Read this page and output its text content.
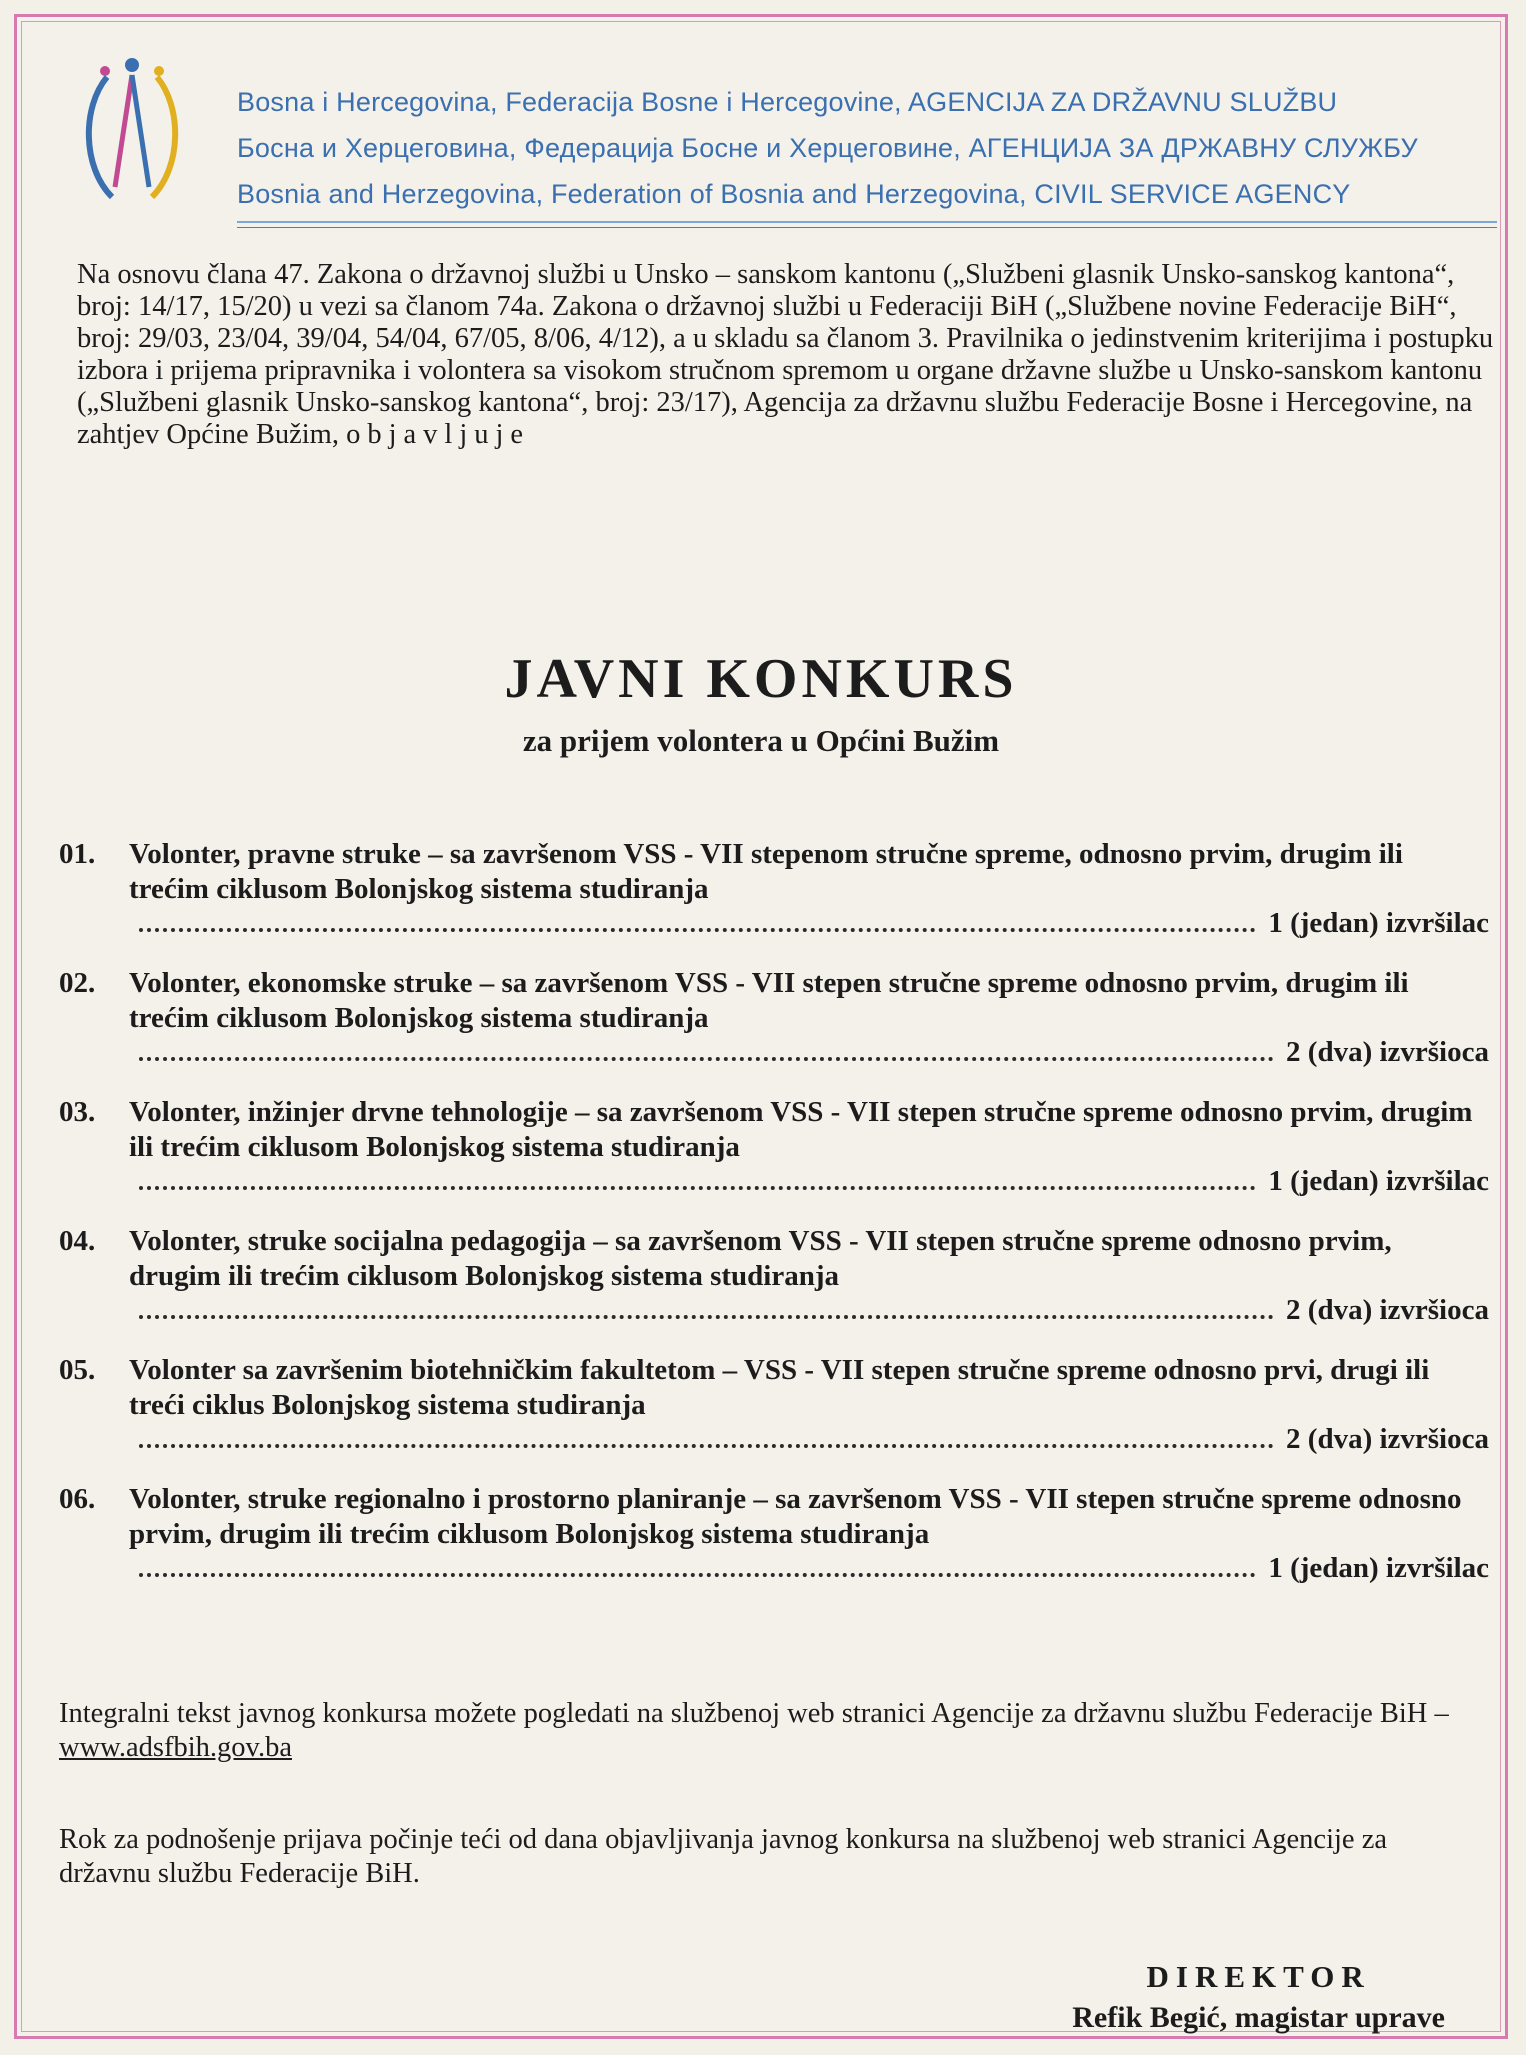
Bosna i Hercegovina, Federacija Bosne i Hercegovine, AGENCIJA ZA DRŽAVNU SLUŽBU
Босна и Херцеговина, Федерација Босне и Херцеговине, АГЕНЦИЈА ЗА ДРЖАВНУ СЛУЖБУ
Bosnia and Herzegovina, Federation of Bosnia and Herzegovina, CIVIL SERVICE AGENCY

Na osnovu člana 47. Zakona o državnoj službi u Unsko – sanskom kantonu („Službeni glasnik Unsko-sanskog kantona“, broj: 14/17, 15/20) u vezi sa članom 74a. Zakona o državnoj službi u Federaciji BiH („Službene novine Federacije BiH“, broj: 29/03, 23/04, 39/04, 54/04, 67/05, 8/06, 4/12), a u skladu sa članom 3. Pravilnika o jedinstvenim kriterijima i postupku izbora i prijema pripravnika i volontera sa visokom stručnom spremom u organe državne službe u Unsko-sanskom kantonu („Službeni glasnik Unsko-sanskog kantona“, broj: 23/17), Agencija za državnu službu Federacije Bosne i Hercegovine, na zahtjev Općine Bužim, objavljuje

JAVNI KONKURS
za prijem volontera u Općini Bužim
01.	Volonter, pravne struke – sa završenom VSS - VII stepenom stručne spreme, odnosno prvim, drugim ili trećim ciklusom Bolonjskog sistema studiranja
1 (jedan) izvršilac
02.	Volonter, ekonomske struke – sa završenom VSS - VII stepen stručne spreme odnosno prvim, drugim ili trećim ciklusom Bolonjskog sistema studiranja
2 (dva) izvršioca
03.	Volonter, inžinjer drvne tehnologije – sa završenom VSS - VII stepen stručne spreme odnosno prvim, drugim ili trećim ciklusom Bolonjskog sistema studiranja
1 (jedan) izvršilac
04.	Volonter, struke socijalna pedagogija – sa završenom VSS - VII stepen stručne spreme odnosno prvim, drugim ili trećim ciklusom Bolonjskog sistema studiranja
2 (dva) izvršioca
05.	Volonter sa završenim biotehničkim fakultetom – VSS - VII stepen stručne spreme odnosno prvi, drugi ili treći ciklus Bolonjskog sistema studiranja
2 (dva) izvršioca
06.	Volonter, struke regionalno i prostorno planiranje – sa završenom VSS - VII stepen stručne spreme odnosno prvim, drugim ili trećim ciklusom Bolonjskog sistema studiranja
1 (jedan) izvršilac

Integralni tekst javnog konkursa možete pogledati na službenoj web stranici Agencije za državnu službu Federacije BiH – www.adsfbih.gov.ba

Rok za podnošenje prijava počinje teći od dana objavljivanja javnog konkursa na službenoj web stranici Agencije za državnu službu Federacije BiH.

DIREKTOR
Refik Begić, magistar uprave
